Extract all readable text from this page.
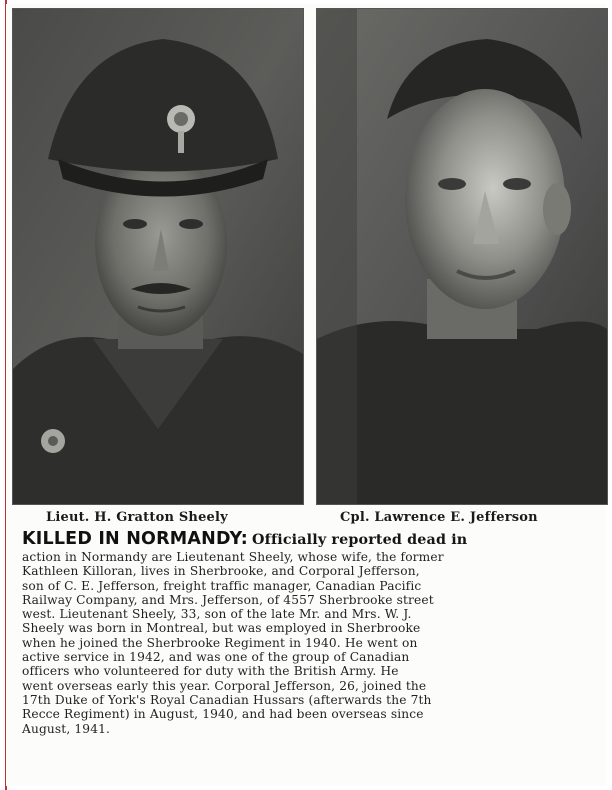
Lieut. H. Gratton Sheely	Cpl. Lawrence E. Jefferson
KILLED IN NORMANDY: Officially reported dead in
action in Normandy are Lieutenant Sheely, whose wife, the former
Kathleen Killoran, lives in Sherbrooke, and Corporal Jefferson,
son of C. E. Jefferson, freight traffic manager, Canadian Pacific
Railway Company, and Mrs. Jefferson, of 4557 Sherbrooke street
west. Lieutenant Sheely, 33, son of the late Mr. and Mrs. W. J.
Sheely was born in Montreal, but was employed in Sherbrooke
when he joined the Sherbrooke Regiment in 1940. He went on
active service in 1942, and was one of the group of Canadian
officers who volunteered for duty with the British Army. He
went overseas early this year. Corporal Jefferson, 26, joined the
17th Duke of York's Royal Canadian Hussars (afterwards the 7th
Recce Regiment) in August, 1940, and had been overseas since
August, 1941.
